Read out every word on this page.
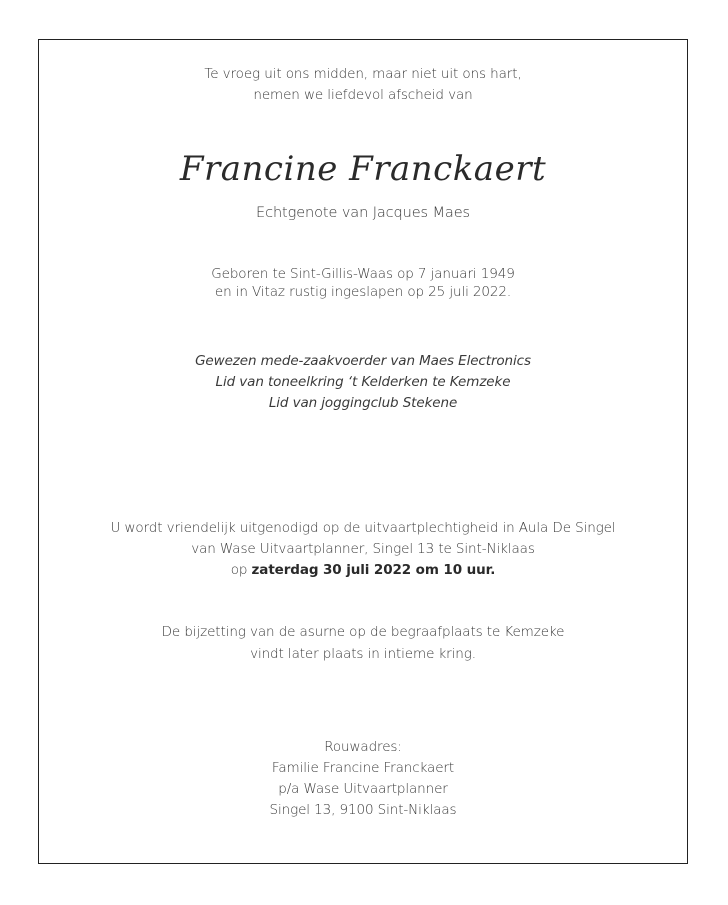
Te vroeg uit ons midden, maar niet uit ons hart,
nemen we liefdevol afscheid van
Francine Franckaert
Echtgenote van Jacques Maes
Geboren te Sint-Gillis-Waas op 7 januari 1949
en in Vitaz rustig ingeslapen op 25 juli 2022.
Gewezen mede-zaakvoerder van Maes Electronics
Lid van toneelkring ‘t Kelderken te Kemzeke
Lid van joggingclub Stekene
U wordt vriendelijk uitgenodigd op de uitvaartplechtigheid in Aula De Singel
van Wase Uitvaartplanner, Singel 13 te Sint-Niklaas
op zaterdag 30 juli 2022 om 10 uur.
De bijzetting van de asurne op de begraafplaats te Kemzeke
vindt later plaats in intieme kring.
Rouwadres:
Familie Francine Franckaert
p/a Wase Uitvaartplanner
Singel 13, 9100 Sint-Niklaas
